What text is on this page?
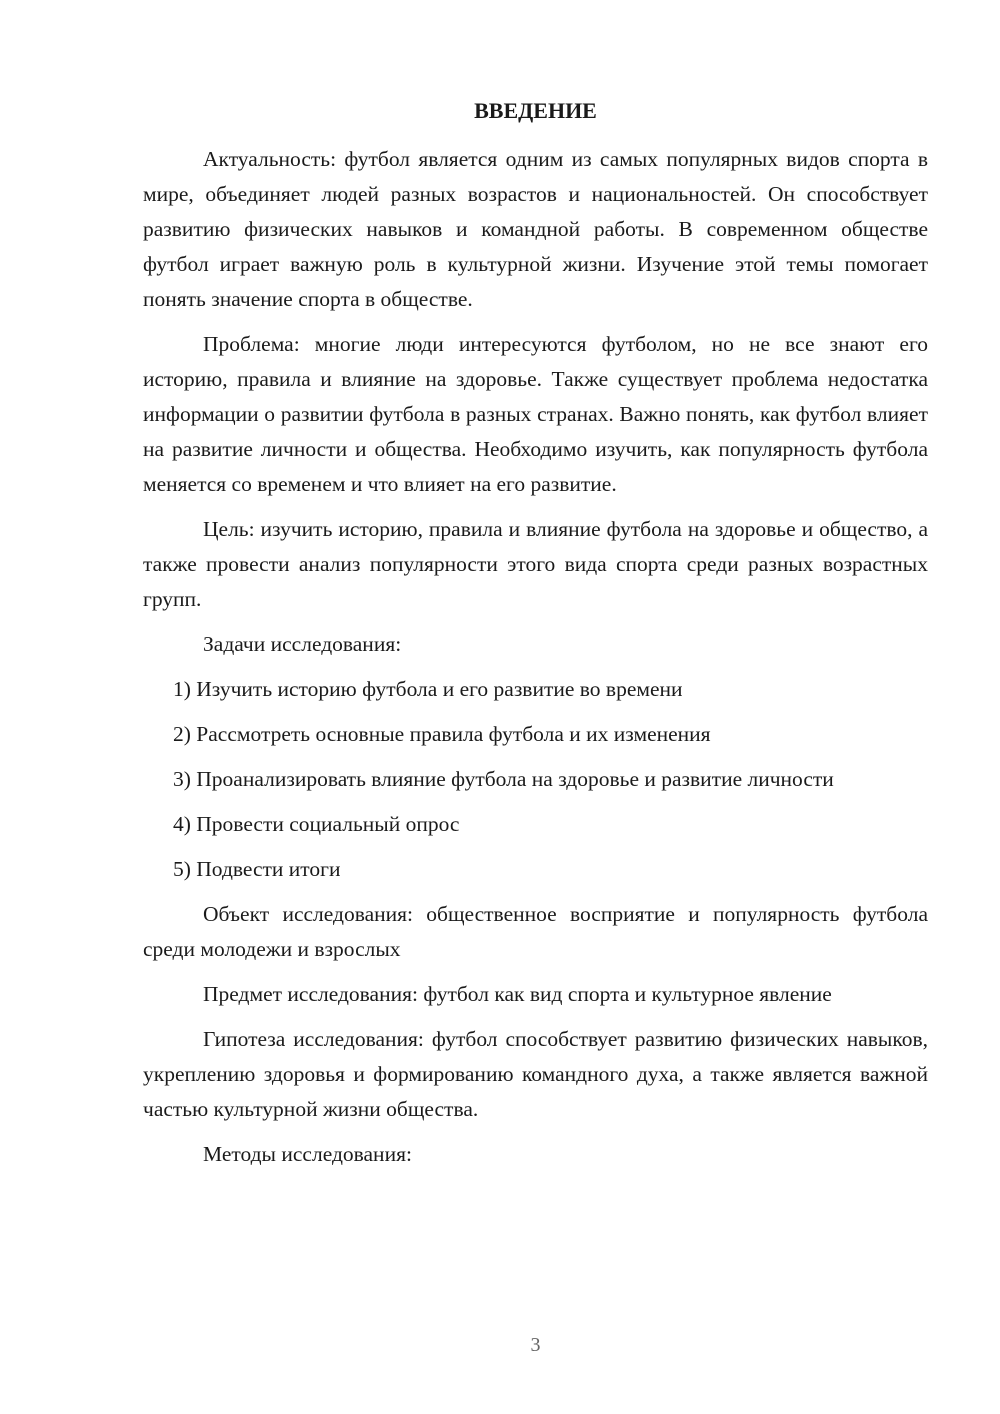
ВВЕДЕНИЕ

Актуальность: футбол является одним из самых популярных видов спорта в мире, объединяет людей разных возрастов и национальностей. Он способствует развитию физических навыков и командной работы. В современном обществе футбол играет важную роль в культурной жизни. Изучение этой темы помогает понять значение спорта в обществе.

Проблема: многие люди интересуются футболом, но не все знают его историю, правила и влияние на здоровье. Также существует проблема недостатка информации о развитии футбола в разных странах. Важно понять, как футбол влияет на развитие личности и общества. Необходимо изучить, как популярность футбола меняется со временем и что влияет на его развитие.

Цель: изучить историю, правила и влияние футбола на здоровье и общество, а также провести анализ популярности этого вида спорта среди разных возрастных групп.

Задачи исследования:

1) Изучить историю футбола и его развитие во времени

2) Рассмотреть основные правила футбола и их изменения

3) Проанализировать влияние футбола на здоровье и развитие личности

4) Провести социальный опрос

5) Подвести итоги

Объект исследования: общественное восприятие и популярность футбола среди молодежи и взрослых

Предмет исследования: футбол как вид спорта и культурное явление

Гипотеза исследования: футбол способствует развитию физических навыков, укреплению здоровья и формированию командного духа, а также является важной частью культурной жизни общества.

Методы исследования:

3
